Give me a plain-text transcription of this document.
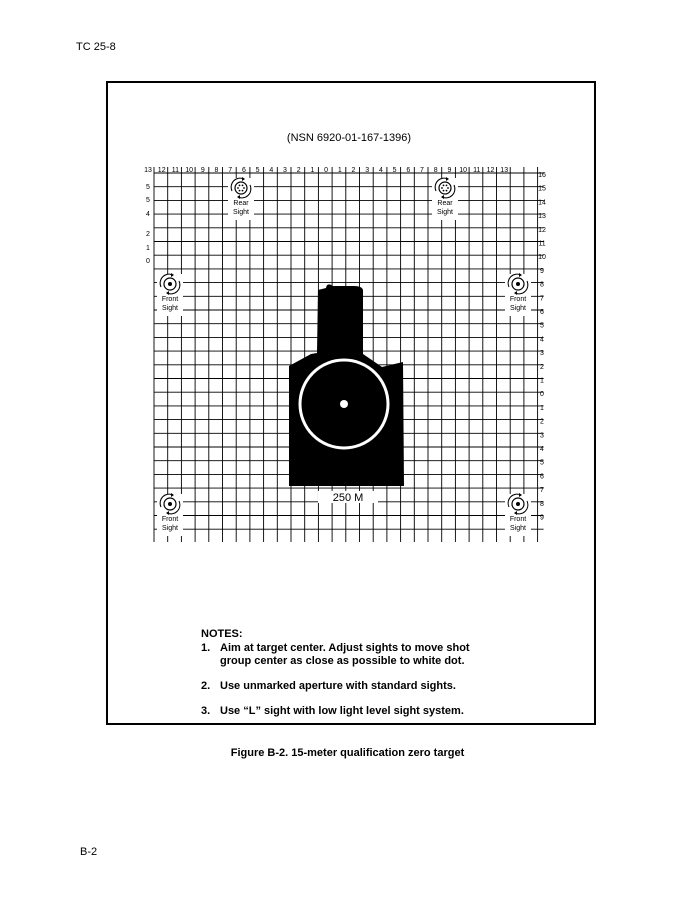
TC 25-8
(NSN 6920-01-167-1396)
13 12 11 10 9 8 7 6 5 4 3 2 1 0 1 2 3 4 5 6 7 8 9 10 11 12 13
16
15
14
13
12
11
10
9
8
7
6
5
4
3
2
1
0
1
2
3
4
5
6
7
8
9
5
5
4
2
1
0
250 M
Rear
Sight
Rear
Sight
Front
Sight
Front
Sight
Front
Sight
Front
Sight
NOTES:
1. Aim at target center. Adjust sights to move shot group center as close as possible to white dot.
2. Use unmarked aperture with standard sights.
3. Use “L” sight with low light level sight system.
Figure B-2. 15-meter qualification zero target
B-2
